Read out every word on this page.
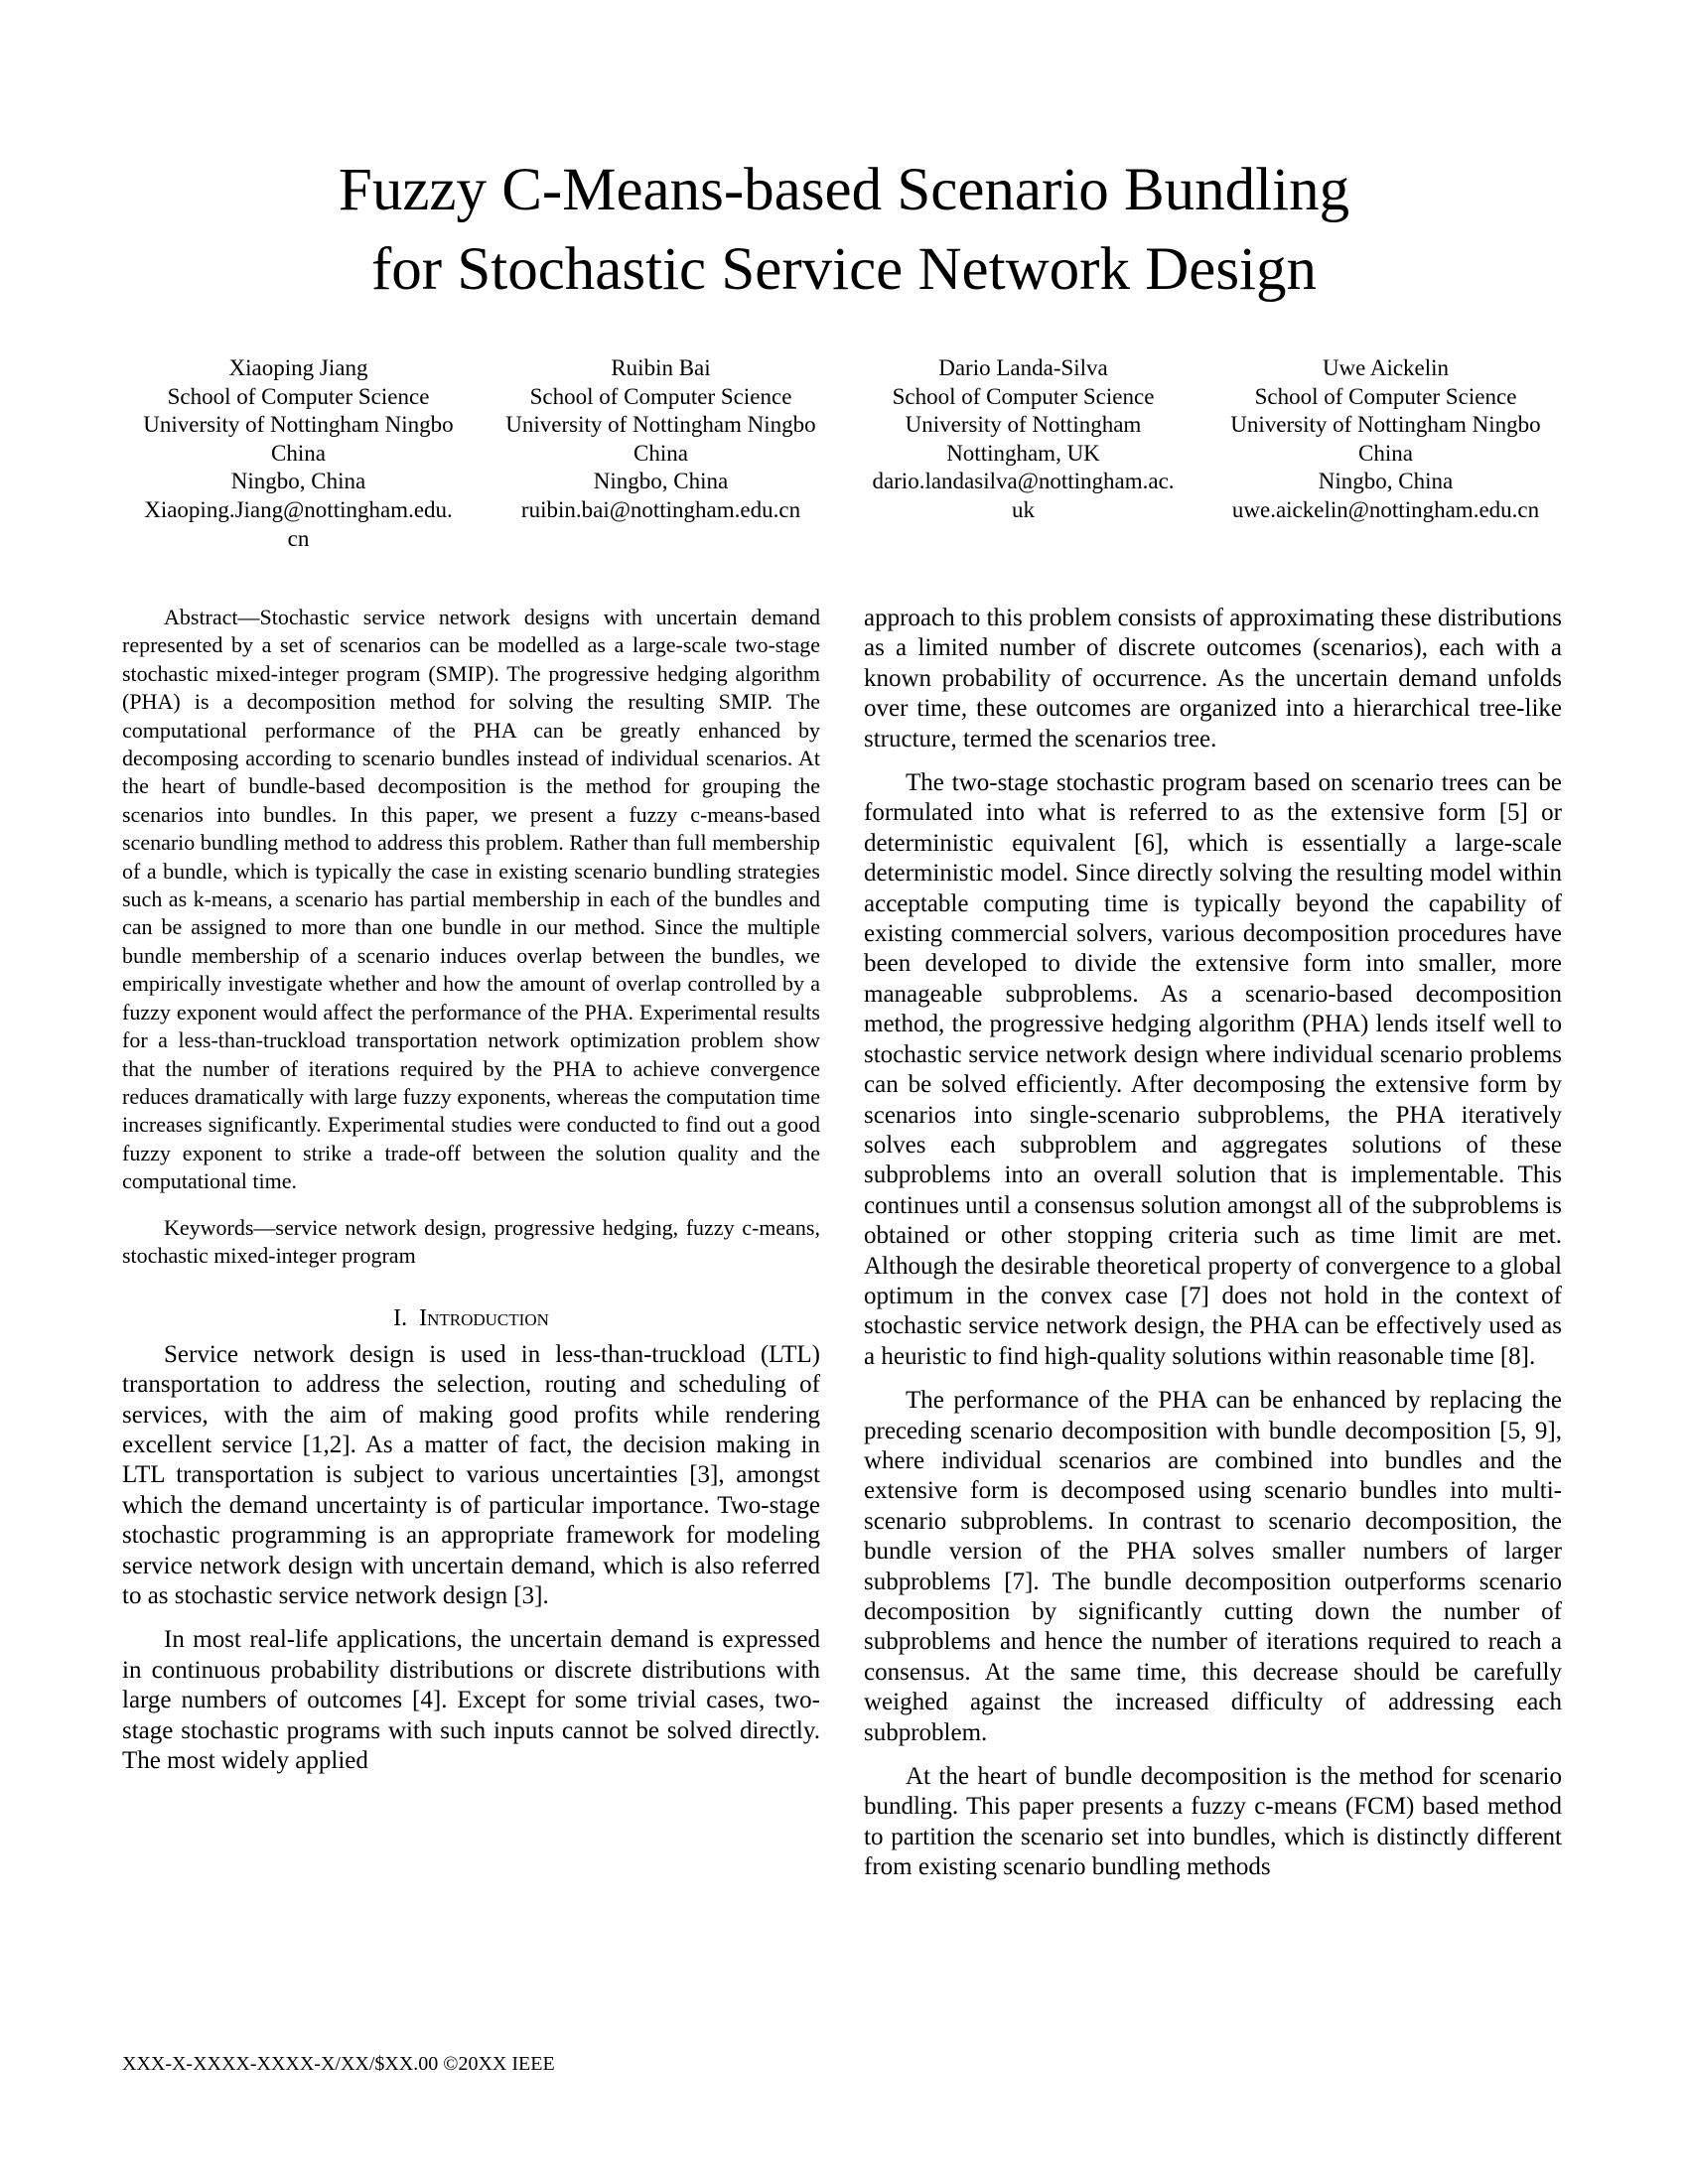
Fuzzy C-Means-based Scenario Bundling
for Stochastic Service Network Design
Xiaoping Jiang
School of Computer Science
University of Nottingham Ningbo
China
Ningbo, China
Xiaoping.Jiang@nottingham.edu.
cn
Ruibin Bai
School of Computer Science
University of Nottingham Ningbo
China
Ningbo, China
ruibin.bai@nottingham.edu.cn
Dario Landa-Silva
School of Computer Science
University of Nottingham
Nottingham, UK
dario.landasilva@nottingham.ac.
uk
Uwe Aickelin
School of Computer Science
University of Nottingham Ningbo
China
Ningbo, China
uwe.aickelin@nottingham.edu.cn

Abstract—Stochastic service network designs with uncertain demand represented by a set of scenarios can be modelled as a large-scale two-stage stochastic mixed-integer program (SMIP). The progressive hedging algorithm (PHA) is a decomposition method for solving the resulting SMIP. The computational performance of the PHA can be greatly enhanced by decomposing according to scenario bundles instead of individual scenarios. At the heart of bundle-based decomposition is the method for grouping the scenarios into bundles. In this paper, we present a fuzzy c-means-based scenario bundling method to address this problem. Rather than full membership of a bundle, which is typically the case in existing scenario bundling strategies such as k-means, a scenario has partial membership in each of the bundles and can be assigned to more than one bundle in our method. Since the multiple bundle membership of a scenario induces overlap between the bundles, we empirically investigate whether and how the amount of overlap controlled by a fuzzy exponent would affect the performance of the PHA. Experimental results for a less-than-truckload transportation network optimization problem show that the number of iterations required by the PHA to achieve convergence reduces dramatically with large fuzzy exponents, whereas the computation time increases significantly. Experimental studies were conducted to find out a good fuzzy exponent to strike a trade-off between the solution quality and the computational time.

Keywords—service network design, progressive hedging, fuzzy c-means, stochastic mixed-integer program

I. Introduction

Service network design is used in less-than-truckload (LTL) transportation to address the selection, routing and scheduling of services, with the aim of making good profits while rendering excellent service [1,2]. As a matter of fact, the decision making in LTL transportation is subject to various uncertainties [3], amongst which the demand uncertainty is of particular importance. Two-stage stochastic programming is an appropriate framework for modeling service network design with uncertain demand, which is also referred to as stochastic service network design [3].

In most real-life applications, the uncertain demand is expressed in continuous probability distributions or discrete distributions with large numbers of outcomes [4]. Except for some trivial cases, two-stage stochastic programs with such inputs cannot be solved directly. The most widely applied

approach to this problem consists of approximating these distributions as a limited number of discrete outcomes (scenarios), each with a known probability of occurrence. As the uncertain demand unfolds over time, these outcomes are organized into a hierarchical tree-like structure, termed the scenarios tree.

The two-stage stochastic program based on scenario trees can be formulated into what is referred to as the extensive form [5] or deterministic equivalent [6], which is essentially a large-scale deterministic model. Since directly solving the resulting model within acceptable computing time is typically beyond the capability of existing commercial solvers, various decomposition procedures have been developed to divide the extensive form into smaller, more manageable subproblems. As a scenario-based decomposition method, the progressive hedging algorithm (PHA) lends itself well to stochastic service network design where individual scenario problems can be solved efficiently. After decomposing the extensive form by scenarios into single-scenario subproblems, the PHA iteratively solves each subproblem and aggregates solutions of these subproblems into an overall solution that is implementable. This continues until a consensus solution amongst all of the subproblems is obtained or other stopping criteria such as time limit are met. Although the desirable theoretical property of convergence to a global optimum in the convex case [7] does not hold in the context of stochastic service network design, the PHA can be effectively used as a heuristic to find high-quality solutions within reasonable time [8].

The performance of the PHA can be enhanced by replacing the preceding scenario decomposition with bundle decomposition [5, 9], where individual scenarios are combined into bundles and the extensive form is decomposed using scenario bundles into multi-scenario subproblems. In contrast to scenario decomposition, the bundle version of the PHA solves smaller numbers of larger subproblems [7]. The bundle decomposition outperforms scenario decomposition by significantly cutting down the number of subproblems and hence the number of iterations required to reach a consensus. At the same time, this decrease should be carefully weighed against the increased difficulty of addressing each subproblem.

At the heart of bundle decomposition is the method for scenario bundling. This paper presents a fuzzy c-means (FCM) based method to partition the scenario set into bundles, which is distinctly different from existing scenario bundling methods

XXX-X-XXXX-XXXX-X/XX/$XX.00 ©20XX IEEE
